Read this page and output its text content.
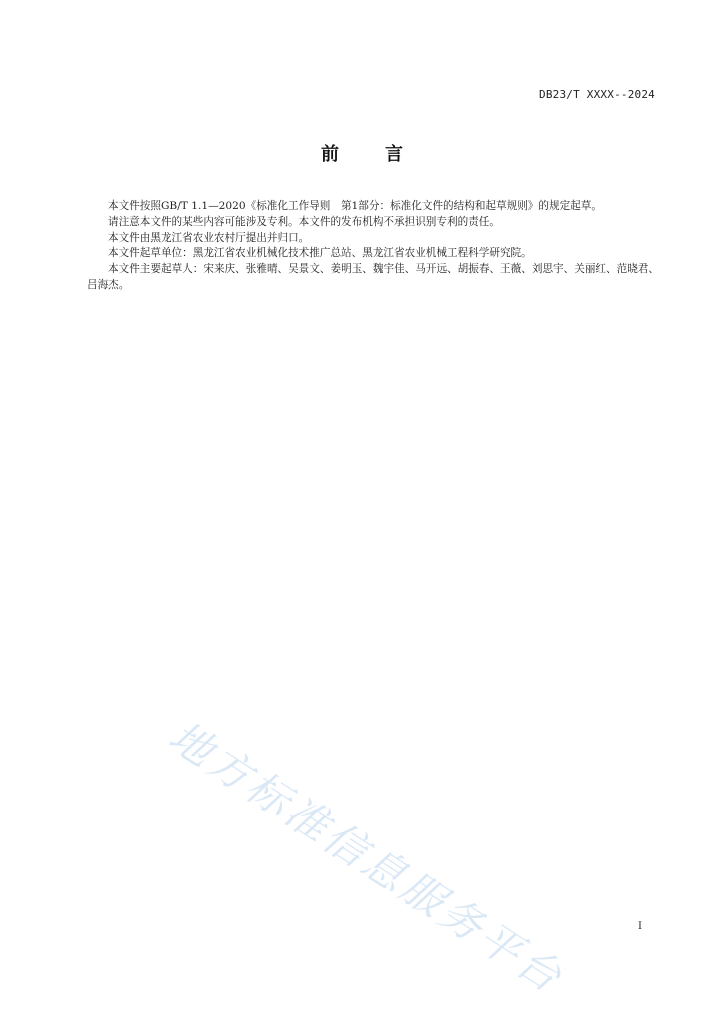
DB23/T XXXX--2024
前	言

本文件按照GB/T 1.1—2020《标准化工作导则　第1部分：标准化文件的结构和起草规则》的规定起草。

请注意本文件的某些内容可能涉及专利。本文件的发布机构不承担识别专利的责任。

本文件由黑龙江省农业农村厅提出并归口。

本文件起草单位：黑龙江省农业机械化技术推广总站、黑龙江省农业机械工程科学研究院。

本文件主要起草人：宋来庆、张雅晴、吴景文、姜明玉、魏宇佳、马开远、胡振春、王薇、刘思宇、关丽红、范晓君、吕海杰。

地方标准信息服务平台	I
